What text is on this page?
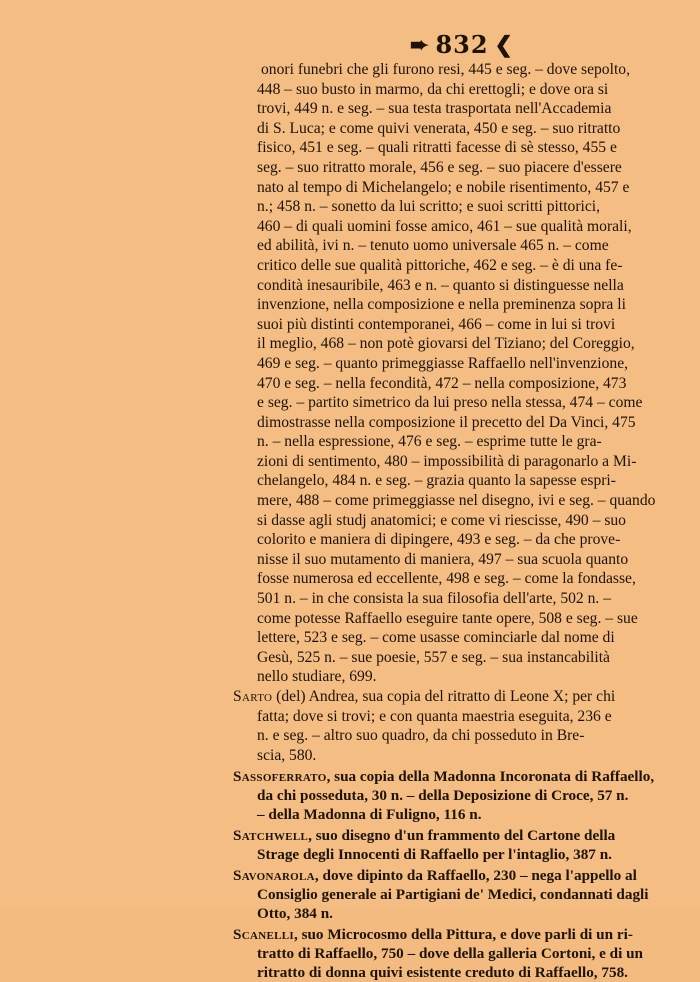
➨ 832 ❮
onori funebri che gli furono resi, 445 e seg. – dove sepolto,
448 – suo busto in marmo, da chi erettogli; e dove ora si
trovi, 449 n. e seg. – sua testa trasportata nell'Accademia
di S. Luca; e come quivi venerata, 450 e seg. – suo ritratto
fisico, 451 e seg. – quali ritratti facesse di sè stesso, 455 e
seg. – suo ritratto morale, 456 e seg. – suo piacere d'essere
nato al tempo di Michelangelo; e nobile risentimento, 457 e
n.; 458 n. – sonetto da lui scritto; e suoi scritti pittorici,
460 – di quali uomini fosse amico, 461 – sue qualità morali,
ed abilità, ivi n. – tenuto uomo universale 465 n. – come
critico delle sue qualità pittoriche, 462 e seg. – è di una fe-
condità inesauribile, 463 e n. – quanto si distinguesse nella
invenzione, nella composizione e nella preminenza sopra li
suoi più distinti contemporanei, 466 – come in lui si trovi
il meglio, 468 – non potè giovarsi del Tiziano; del Coreggio,
469 e seg. – quanto primeggiasse Raffaello nell'invenzione,
470 e seg. – nella fecondità, 472 – nella composizione, 473
e seg. – partito simetrico da lui preso nella stessa, 474 – come
dimostrasse nella composizione il precetto del Da Vinci, 475
n. – nella espressione, 476 e seg. – esprime tutte le gra-
zioni di sentimento, 480 – impossibilità di paragonarlo a Mi-
chelangelo, 484 n. e seg. – grazia quanto la sapesse espri-
mere, 488 – come primeggiasse nel disegno, ivi e seg. – quando
si dasse agli studj anatomici; e come vi riescisse, 490 – suo
colorito e maniera di dipingere, 493 e seg. – da che prove-
nisse il suo mutamento di maniera, 497 – sua scuola quanto
fosse numerosa ed eccellente, 498 e seg. – come la fondasse,
501 n. – in che consista la sua filosofia dell'arte, 502 n. –
come potesse Raffaello eseguire tante opere, 508 e seg. – sue
lettere, 523 e seg. – come usasse cominciarle dal nome di
Gesù, 525 n. – sue poesie, 557 e seg. – sua instancabilità
nello studiare, 699.
Sarto (del) Andrea, sua copia del ritratto di Leone X; per chi
fatta; dove si trovi; e con quanta maestria eseguita, 236 e
n. e seg. – altro suo quadro, da chi posseduto in Bre-
scia, 580.
Sassoferrato, sua copia della Madonna Incoronata di Raffaello,
da chi posseduta, 30 n. – della Deposizione di Croce, 57 n.
– della Madonna di Fuligno, 116 n.
Satchwell, suo disegno d'un frammento del Cartone della
Strage degli Innocenti di Raffaello per l'intaglio, 387 n.
Savonarola, dove dipinto da Raffaello, 230 – nega l'appello al
Consiglio generale ai Partigiani de' Medici, condannati dagli
Otto, 384 n.
Scanelli, suo Microcosmo della Pittura, e dove parli di un ri-
tratto di Raffaello, 750 – dove della galleria Cortoni, e di un
ritratto di donna quivi esistente creduto di Raffaello, 758.
